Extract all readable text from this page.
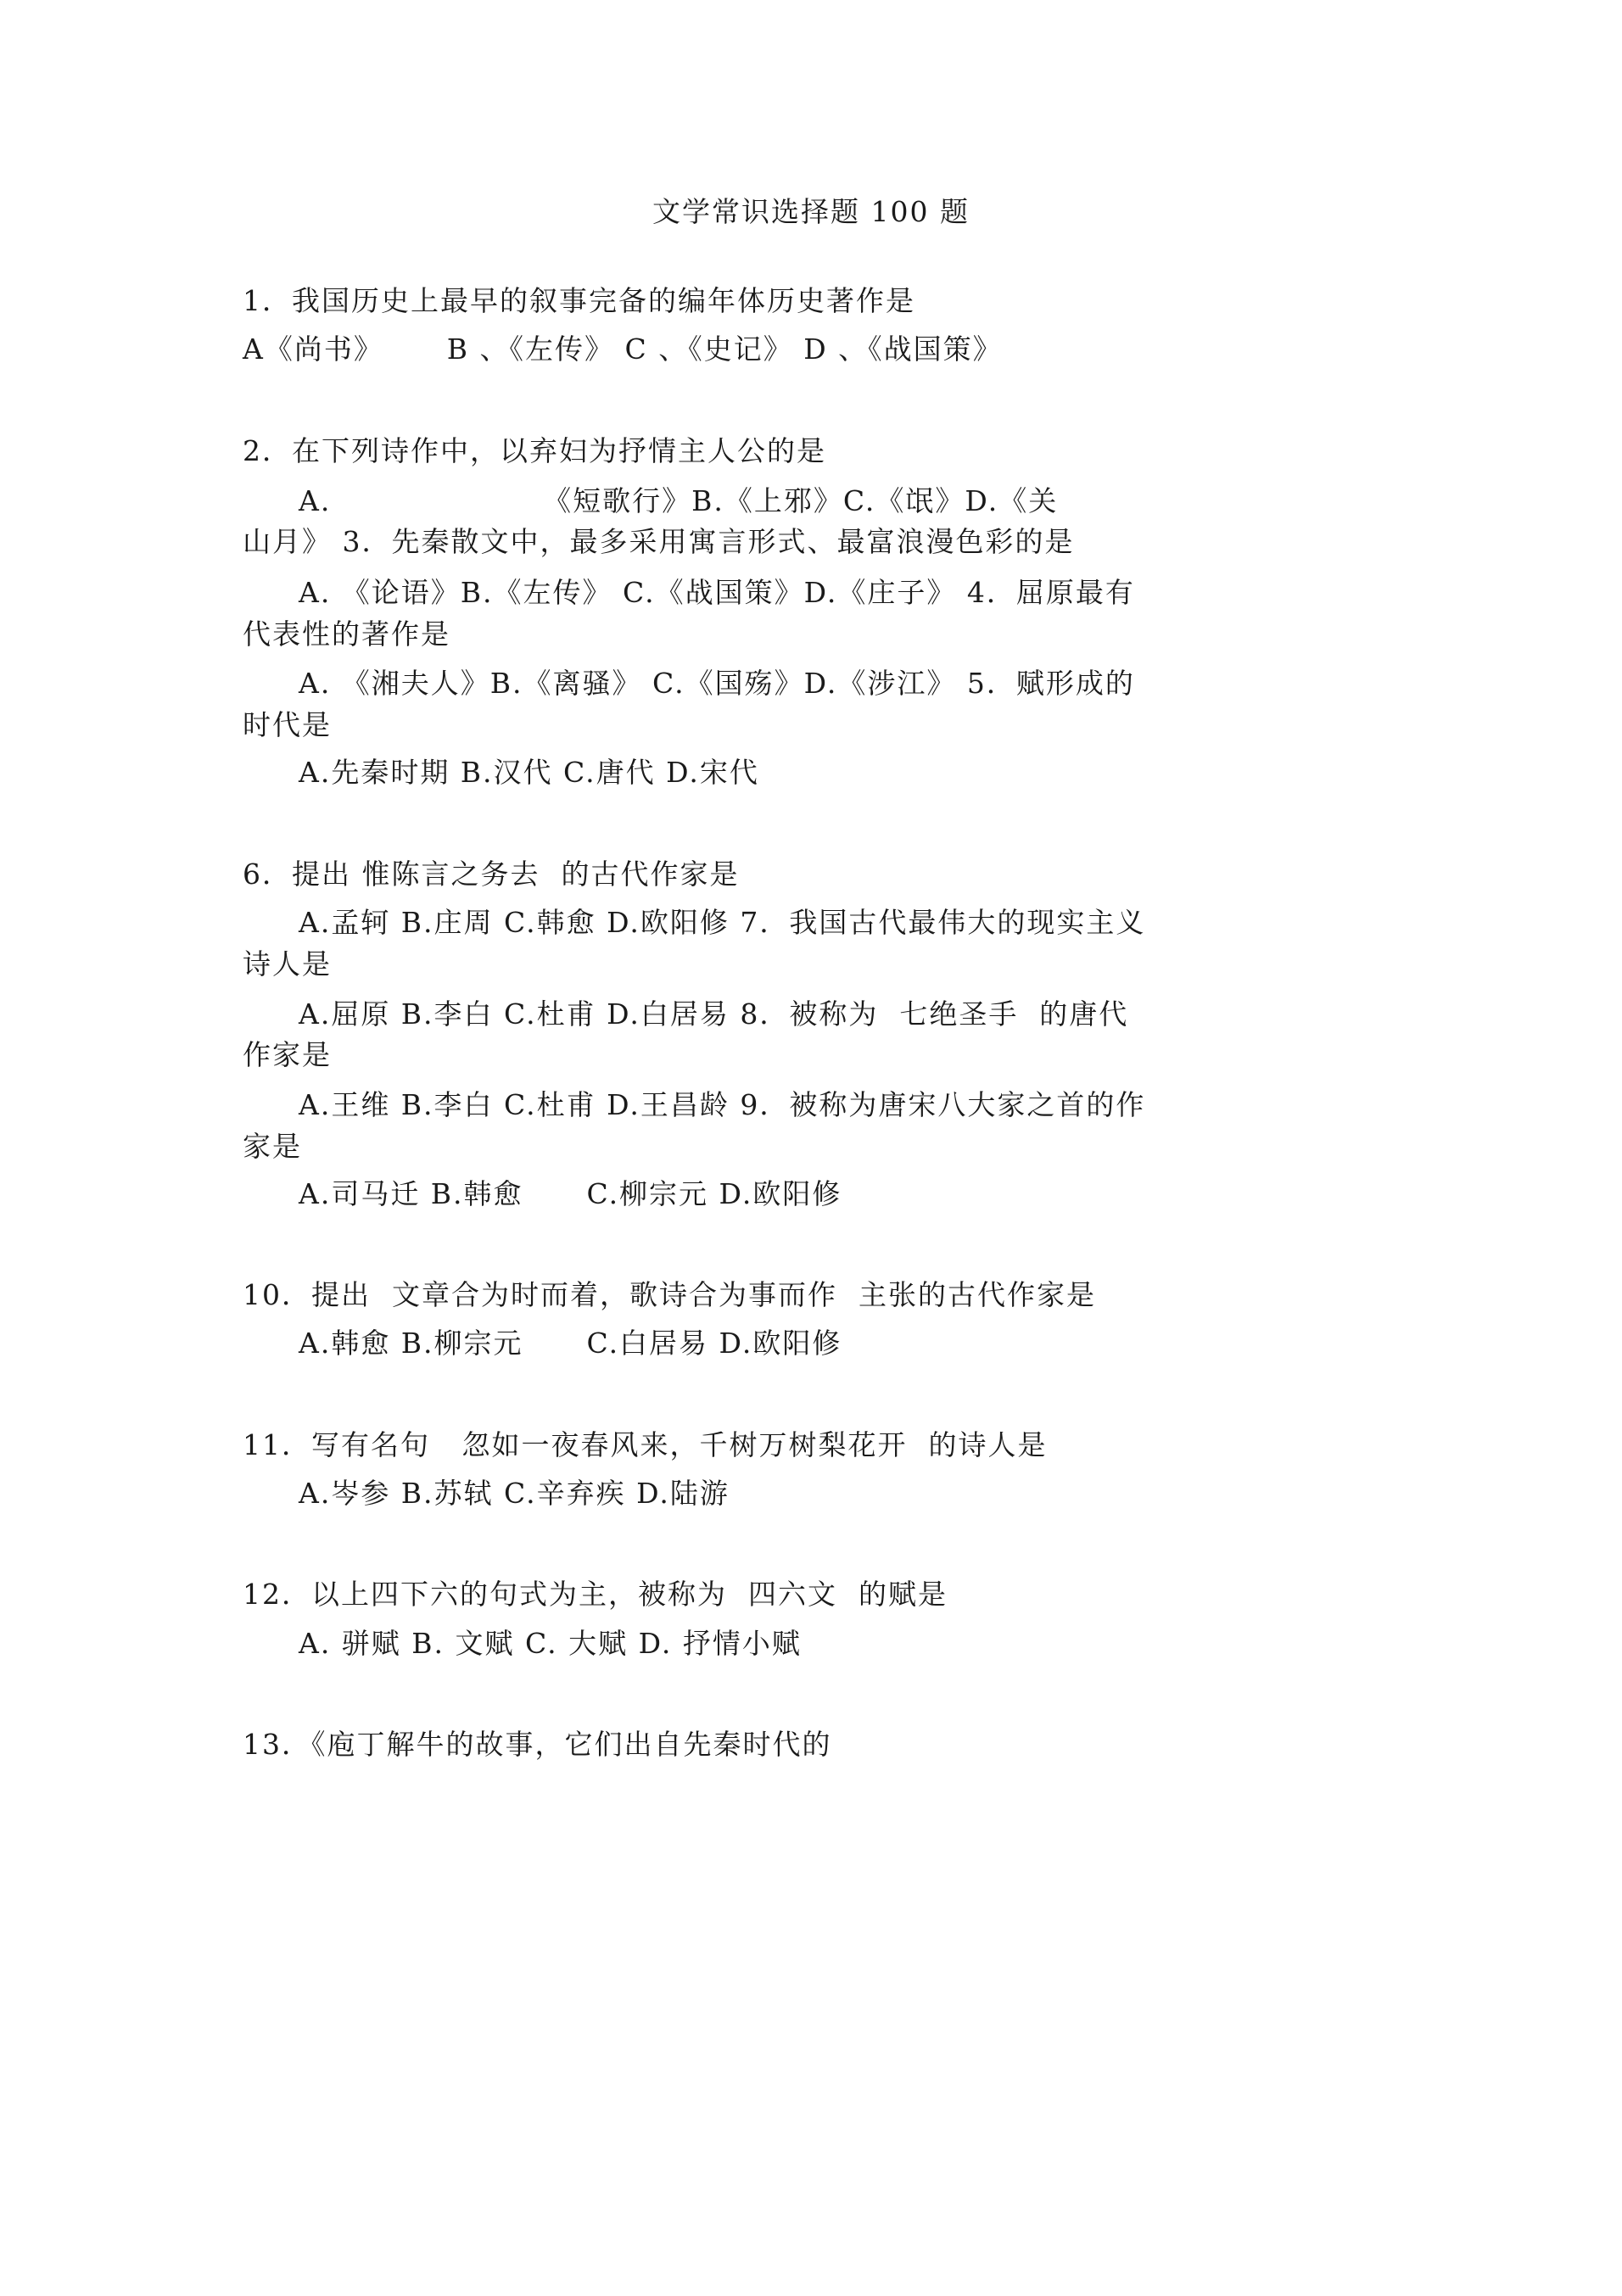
文学常识选择题 100 题
1．我国历史上最早的叙事完备的编年体历史著作是
A《尚书》      B 、《左传》 C 、《史记》 D 、《战国策》
2．在下列诗作中，以弃妇为抒情主人公的是
A.                    《短歌行》B.《上邪》C.《氓》D.《关
山月》 3．先秦散文中，最多采用寓言形式、最富浪漫色彩的是
A. 《论语》B.《左传》 C.《战国策》D.《庄子》 4．屈原最有
代表性的著作是
A. 《湘夫人》B.《离骚》 C.《国殇》D.《涉江》 5．赋形成的
时代是
A.先秦时期 B.汉代 C.唐代 D.宋代
6．提出 惟陈言之务去  的古代作家是
A.孟轲 B.庄周 C.韩愈 D.欧阳修 7．我国古代最伟大的现实主义
诗人是
A.屈原 B.李白 C.杜甫 D.白居易 8．被称为  七绝圣手  的唐代
作家是
A.王维 B.李白 C.杜甫 D.王昌龄 9．被称为唐宋八大家之首的作
家是
A.司马迁 B.韩愈      C.柳宗元 D.欧阳修
10．提出  文章合为时而着，歌诗合为事而作  主张的古代作家是
A.韩愈 B.柳宗元      C.白居易 D.欧阳修
11．写有名句   忽如一夜春风来，千树万树梨花开  的诗人是
A.岑参 B.苏轼 C.辛弃疾 D.陆游
12．以上四下六的句式为主，被称为  四六文  的赋是
A. 骈赋 B. 文赋 C. 大赋 D. 抒情小赋
13．《庖丁解牛的故事，它们出自先秦时代的
